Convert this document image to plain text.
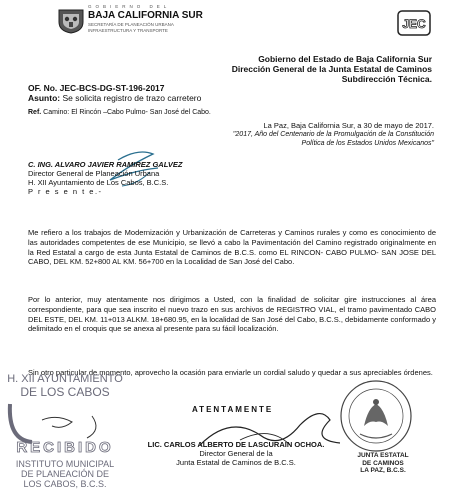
GOBIERNO DEL
BAJA CALIFORNIA SUR
SECRETARÍA DE PLANEACIÓN URBANA
INFRAESTRUCTURA Y TRANSPORTE	JEC
Gobierno del Estado de Baja California Sur
Dirección General de la Junta Estatal de Caminos
Subdirección Técnica.
OF. No. JEC-BCS-DG-ST-196-2017
Asunto: Se solicita registro de trazo carretero
Ref. Camino: El Rincón –Cabo Pulmo- San José del Cabo.
La Paz, Baja California Sur, a 30 de mayo de 2017.
"2017, Año del Centenario de la Promulgación de la Constitución
Política de los Estados Unidos Mexicanos"
C. ING. ALVARO JAVIER RAMIREZ GALVEZ
Director General de Planeación Urbana
H. XII Ayuntamiento de Los Cabos, B.C.S.
P r e s e n t e.-
Me refiero a los trabajos de Modernización y Urbanización de Carreteras y Caminos rurales y como es conocimiento de las autoridades competentes de ese Municipio, se llevó a cabo la Pavimentación del Camino registrado originalmente en la Red Estatal a cargo de esta Junta Estatal de Caminos de B.C.S. como EL RINCON- CABO PULMO- SAN JOSE DEL CABO, DEL KM. 52+800 AL KM. 56+700 en la Localidad de San José del Cabo.
Por lo anterior, muy atentamente nos dirigimos a Usted, con la finalidad de solicitar gire instrucciones al área correspondiente, para que sea inscrito el nuevo trazo en sus archivos de REGISTRO VIAL, el tramo pavimentado CABO DEL ESTE, DEL KM. 11+013 ALKM. 18+680.95, en la localidad de San José del Cabo, B.C.S., debidamente conformado y delimitado en el croquis que se anexa al presente para su fácil localización.
Sin otro particular de momento, aprovecho la ocasión para enviarle un cordial saludo y quedar a sus apreciables órdenes.
ATENTAMENTE
LIC. CARLOS ALBERTO DE LASCURAIN OCHOA.
Director General de la
Junta Estatal de Caminos de B.C.S.
JUNTA ESTATAL
DE CAMINOS
LA PAZ, B.C.S.
H. XII AYUNTAMIENTO
DE LOS CABOS
RECIBIDO
INSTITUTO MUNICIPAL
DE PLANEACIÓN DE
LOS CABOS, B.C.S.
